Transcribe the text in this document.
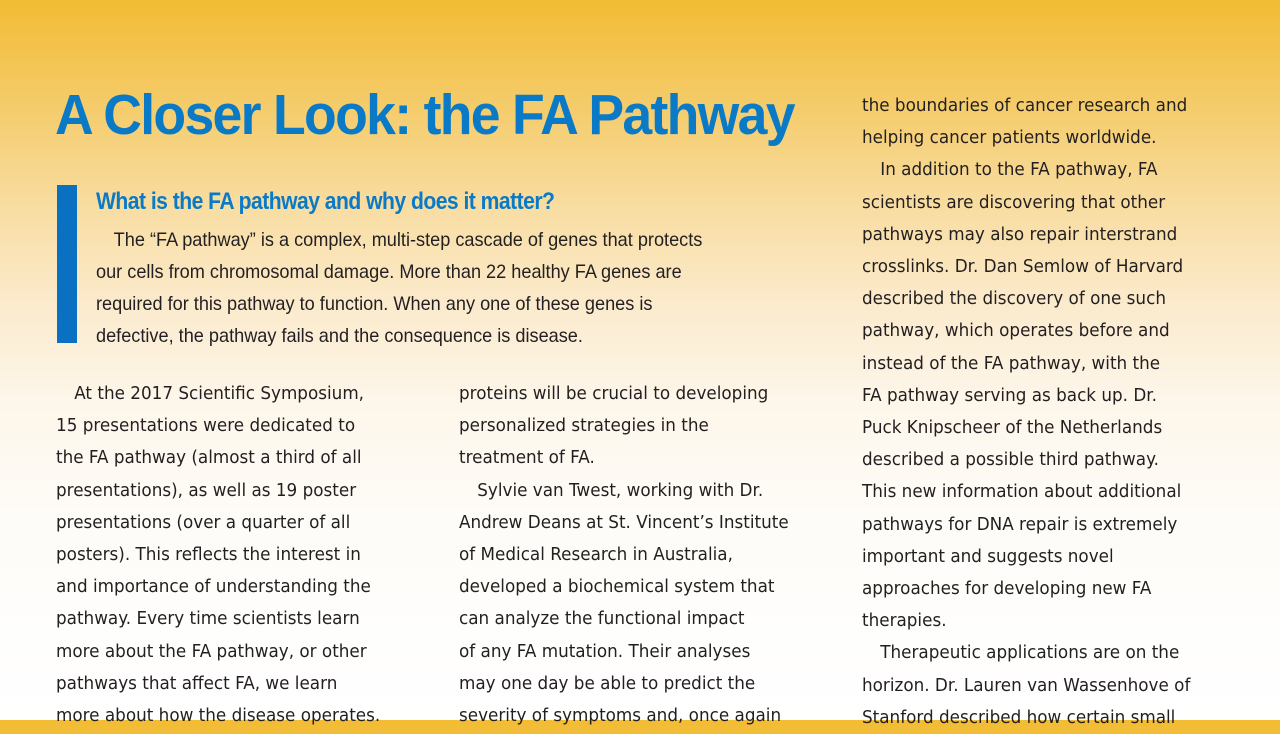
A Closer Look: the FA Pathway
What is the FA pathway and why does it matter?

The “FA pathway” is a complex, multi-step cascade of genes that protects
our cells from chromosomal damage. More than 22 healthy FA genes are
required for this pathway to function. When any one of these genes is
defective, the pathway fails and the consequence is disease.

At the 2017 Scientific Symposium,
15 presentations were dedicated to
the FA pathway (almost a third of all
presentations), as well as 19 poster
presentations (over a quarter of all
posters). This reflects the interest in
and importance of understanding the
pathway. Every time scientists learn
more about the FA pathway, or other
pathways that affect FA, we learn
more about how the disease operates.
proteins will be crucial to developing
personalized strategies in the
treatment of FA.
Sylvie van Twest, working with Dr.
Andrew Deans at St. Vincent’s Institute
of Medical Research in Australia,
developed a biochemical system that
can analyze the functional impact
of any FA mutation. Their analyses
may one day be able to predict the
severity of symptoms and, once again
the boundaries of cancer research and
helping cancer patients worldwide.
In addition to the FA pathway, FA
scientists are discovering that other
pathways may also repair interstrand
crosslinks. Dr. Dan Semlow of Harvard
described the discovery of one such
pathway, which operates before and
instead of the FA pathway, with the
FA pathway serving as back up. Dr.
Puck Knipscheer of the Netherlands
described a possible third pathway.
This new information about additional
pathways for DNA repair is extremely
important and suggests novel
approaches for developing new FA
therapies.
Therapeutic applications are on the
horizon. Dr. Lauren van Wassenhove of
Stanford described how certain small
